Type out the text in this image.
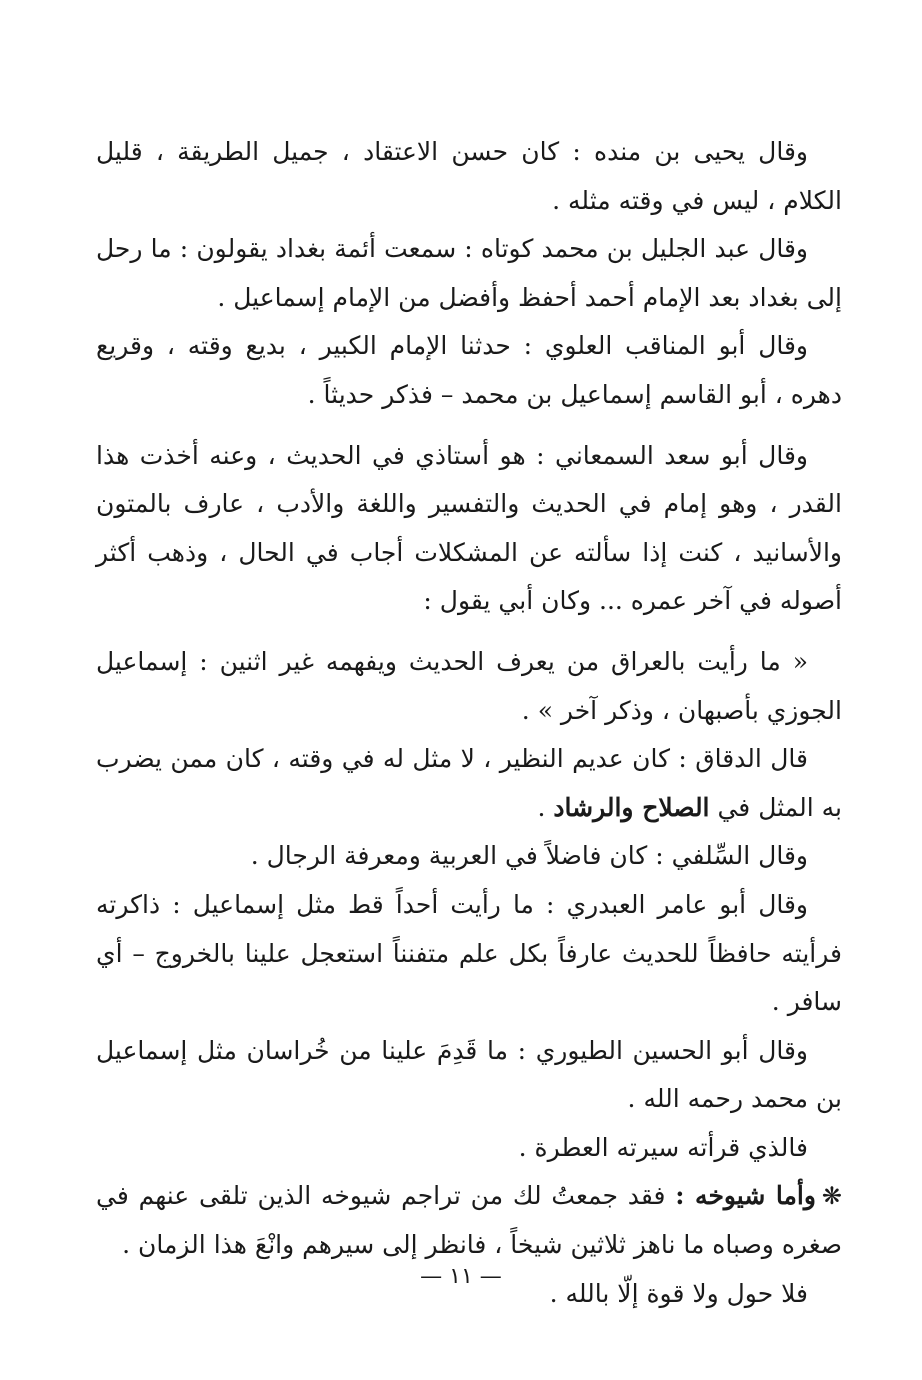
وقال يحيى بن منده : كان حسن الاعتقاد ، جميل الطريقة ، قليل الكلام ، ليس في وقته مثله .

وقال عبد الجليل بن محمد كوتاه : سمعت أئمة بغداد يقولون : ما رحل إلى بغداد بعد الإمام أحمد أحفظ وأفضل من الإمام إسماعيل .

وقال أبو المناقب العلوي : حدثنا الإمام الكبير ، بديع وقته ، وقريع دهره ، أبو القاسم إسماعيل بن محمد – فذكر حديثاً .

وقال أبو سعد السمعاني : هو أستاذي في الحديث ، وعنه أخذت هذا القدر ، وهو إمام في الحديث والتفسير واللغة والأدب ، عارف بالمتون والأسانيد ، كنت إذا سألته عن المشكلات أجاب في الحال ، وذهب أكثر أصوله في آخر عمره ... وكان أبي يقول :

« ما رأيت بالعراق من يعرف الحديث ويفهمه غير اثنين : إسماعيل الجوزي بأصبهان ، وذكر آخر » .

قال الدقاق : كان عديم النظير ، لا مثل له في وقته ، كان ممن يضرب به المثل في الصلاح والرشاد .

وقال السِّلفي : كان فاضلاً في العربية ومعرفة الرجال .

وقال أبو عامر العبدري : ما رأيت أحداً قط مثل إسماعيل : ذاكرته فرأيته حافظاً للحديث عارفاً بكل علم متفنناً استعجل علينا بالخروج – أي سافر .

وقال أبو الحسين الطيوري : ما قَدِمَ علينا من خُراسان مثل إسماعيل بن محمد رحمه الله .

فالذي قرأته سيرته العطرة .

❋وأما شيوخه : فقد جمعتُ لك من تراجم شيوخه الذين تلقى عنهم في صغره وصباه ما ناهز ثلاثين شيخاً ، فانظر إلى سيرهم وانْعَ هذا الزمان .

فلا حول ولا قوة إلّا بالله .

— ١١ —
